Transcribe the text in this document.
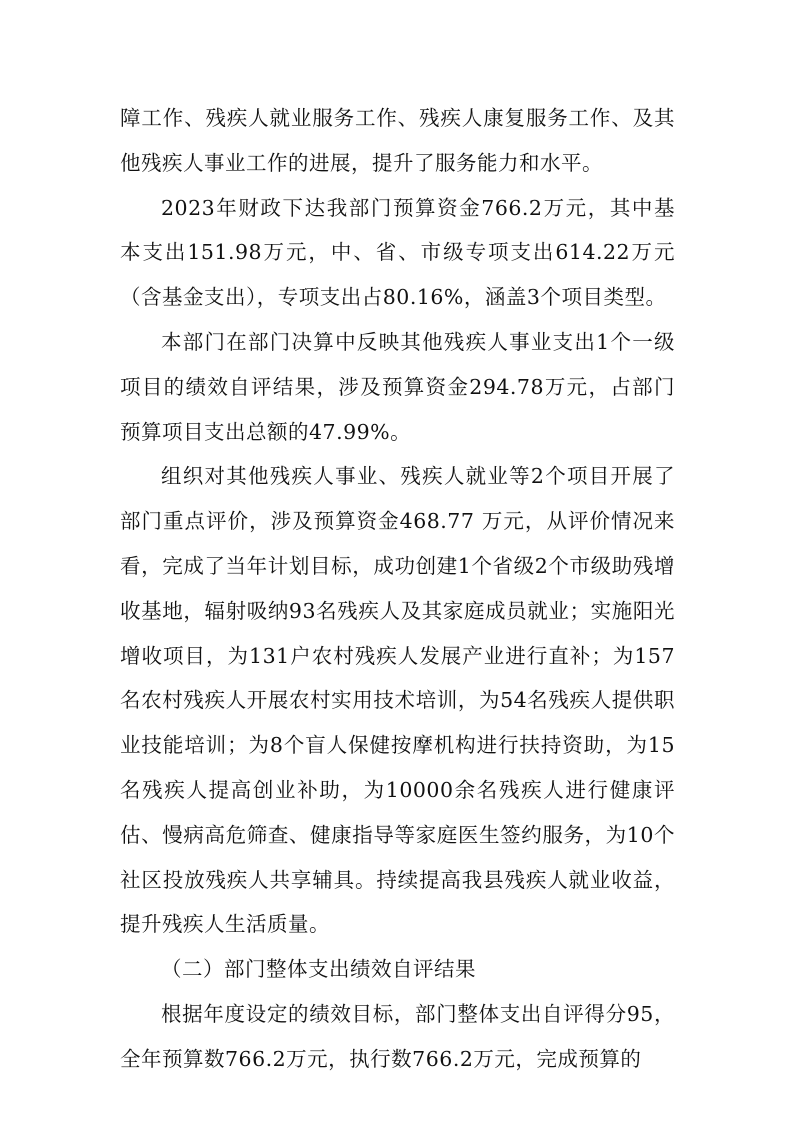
障工作、残疾人就业服务工作、残疾人康复服务工作、及其他残疾人事业工作的进展，提升了服务能力和水平。

2023年财政下达我部门预算资金766.2万元，其中基本支出151.98万元，中、省、市级专项支出614.22万元（含基金支出），专项支出占80.16%，涵盖3个项目类型。

本部门在部门决算中反映其他残疾人事业支出1个一级项目的绩效自评结果，涉及预算资金294.78万元，占部门预算项目支出总额的47.99%。

组织对其他残疾人事业、残疾人就业等2个项目开展了部门重点评价，涉及预算资金468.77 万元，从评价情况来看，完成了当年计划目标，成功创建1个省级2个市级助残增收基地，辐射吸纳93名残疾人及其家庭成员就业；实施阳光增收项目，为131户农村残疾人发展产业进行直补；为157名农村残疾人开展农村实用技术培训，为54名残疾人提供职业技能培训；为8个盲人保健按摩机构进行扶持资助，为15名残疾人提高创业补助，为10000余名残疾人进行健康评估、慢病高危筛查、健康指导等家庭医生签约服务，为10个社区投放残疾人共享辅具。持续提高我县残疾人就业收益，提升残疾人生活质量。

（二）部门整体支出绩效自评结果

根据年度设定的绩效目标，部门整体支出自评得分95，全年预算数766.2万元，执行数766.2万元，完成预算的
